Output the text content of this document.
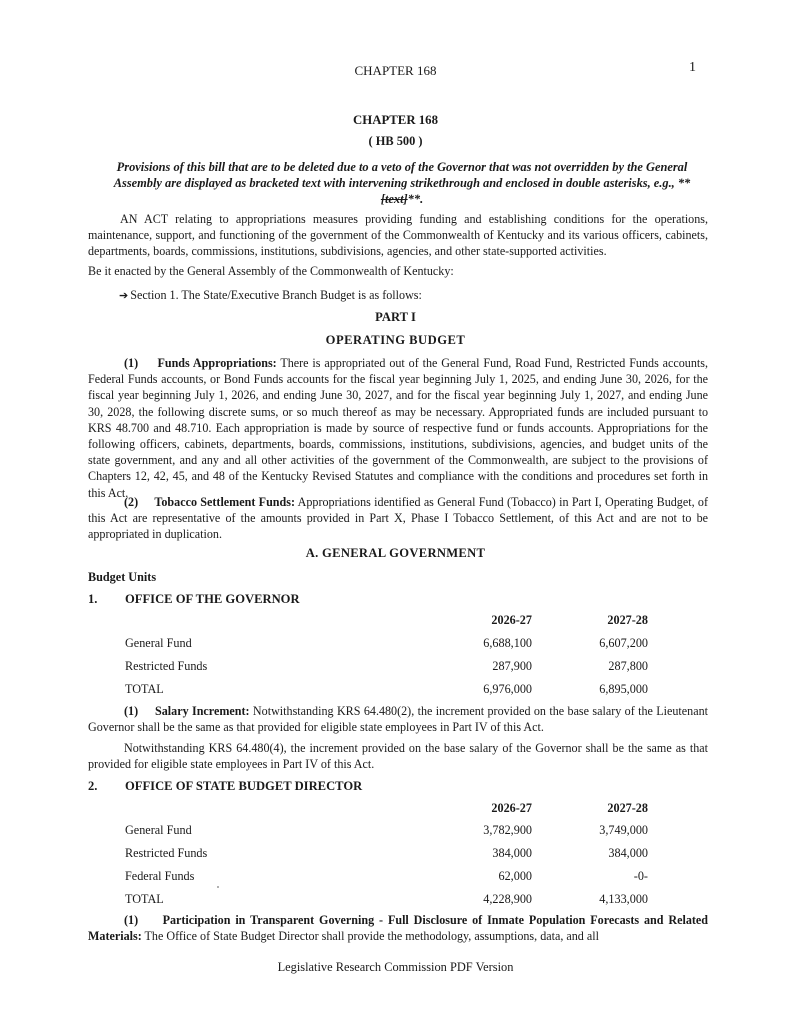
CHAPTER 168	1
CHAPTER 168
( HB 500 )
Provisions of this bill that are to be deleted due to a veto of the Governor that was not overridden by the General Assembly are displayed as bracketed text with intervening strikethrough and enclosed in double asterisks, e.g., **[text]**.
AN ACT relating to appropriations measures providing funding and establishing conditions for the operations, maintenance, support, and functioning of the government of the Commonwealth of Kentucky and its various officers, cabinets, departments, boards, commissions, institutions, subdivisions, agencies, and other state-supported activities.
Be it enacted by the General Assembly of the Commonwealth of Kentucky:
➔ Section 1. The State/Executive Branch Budget is as follows:
PART I
OPERATING BUDGET
(1)     Funds Appropriations: There is appropriated out of the General Fund, Road Fund, Restricted Funds accounts, Federal Funds accounts, or Bond Funds accounts for the fiscal year beginning July 1, 2025, and ending June 30, 2026, for the fiscal year beginning July 1, 2026, and ending June 30, 2027, and for the fiscal year beginning July 1, 2027, and ending June 30, 2028, the following discrete sums, or so much thereof as may be necessary. Appropriated funds are included pursuant to KRS 48.700 and 48.710. Each appropriation is made by source of respective fund or funds accounts. Appropriations for the following officers, cabinets, departments, boards, commissions, institutions, subdivisions, agencies, and budget units of the state government, and any and all other activities of the government of the Commonwealth, are subject to the provisions of Chapters 12, 42, 45, and 48 of the Kentucky Revised Statutes and compliance with the conditions and procedures set forth in this Act.
(2)     Tobacco Settlement Funds: Appropriations identified as General Fund (Tobacco) in Part I, Operating Budget, of this Act are representative of the amounts provided in Part X, Phase I Tobacco Settlement, of this Act and are not to be appropriated in duplication.
A. GENERAL GOVERNMENT
Budget Units
1. OFFICE OF THE GOVERNOR
2026-27	2027-28
General Fund	6,688,100	6,607,200
Restricted Funds	287,900	287,800
TOTAL	6,976,000	6,895,000
(1)     Salary Increment: Notwithstanding KRS 64.480(2), the increment provided on the base salary of the Lieutenant Governor shall be the same as that provided for eligible state employees in Part IV of this Act.
Notwithstanding KRS 64.480(4), the increment provided on the base salary of the Governor shall be the same as that provided for eligible state employees in Part IV of this Act.
2. OFFICE OF STATE BUDGET DIRECTOR
2026-27	2027-28
General Fund	3,782,900	3,749,000
Restricted Funds	384,000	384,000
Federal Funds	62,000	-0-
TOTAL	4,228,900	4,133,000
(1)     Participation in Transparent Governing - Full Disclosure of Inmate Population Forecasts and Related Materials: The Office of State Budget Director shall provide the methodology, assumptions, data, and all
Legislative Research Commission PDF Version
